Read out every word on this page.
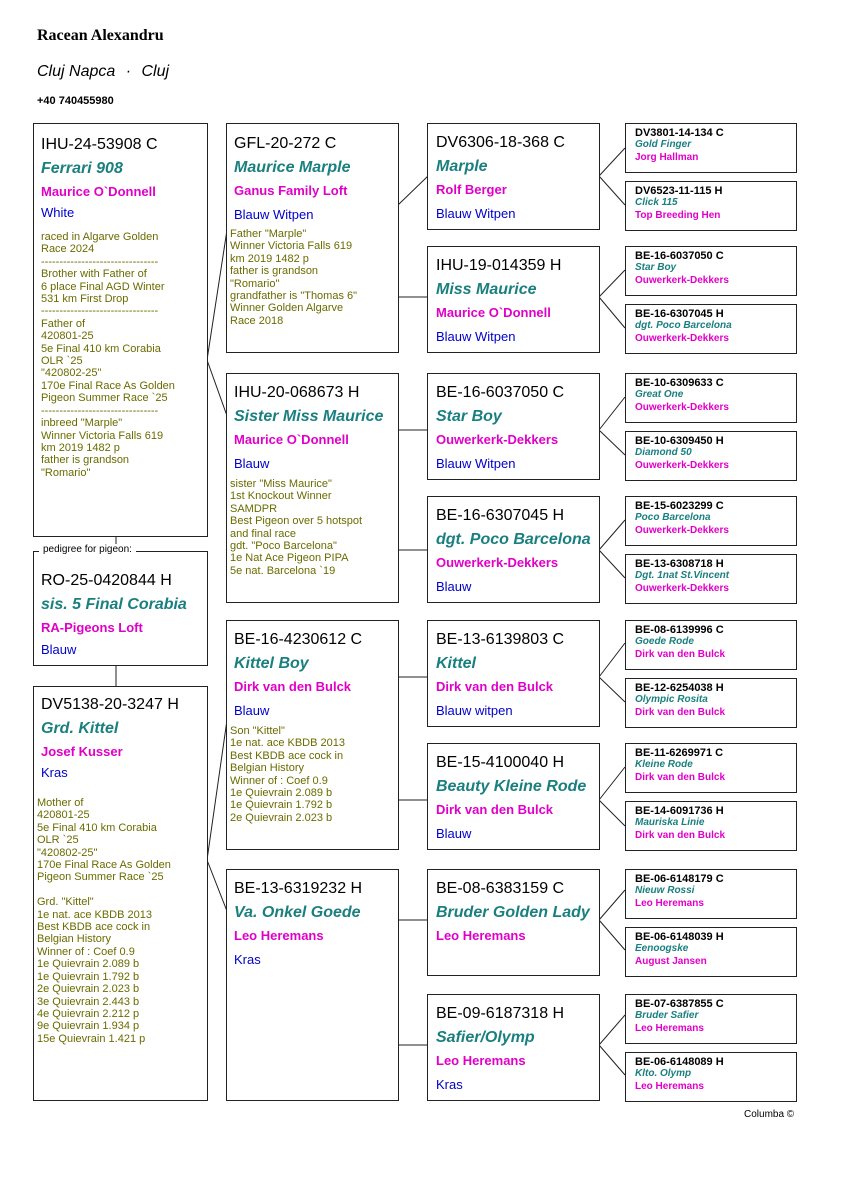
Racean Alexandru
Cluj Napca · Cluj
+40 740455980
IHU-24-53908 C
Ferrari 908
Maurice O`Donnell
White
raced in Algarve Golden
Race 2024
--------------------------------
Brother with Father of
6 place Final AGD Winter
531 km First Drop
--------------------------------
Father of
420801-25
5e Final 410 km Corabia
OLR `25
"420802-25"
170e Final Race As Golden
Pigeon Summer Race `25
--------------------------------
inbreed "Marple"
Winner Victoria Falls 619
km 2019 1482 p
father is grandson
"Romario"
pedigree for pigeon:
RO-25-0420844 H
sis. 5 Final Corabia
RA-Pigeons Loft
Blauw
DV5138-20-3247 H
Grd. Kittel
Josef Kusser
Kras
Mother of
420801-25
5e Final 410 km Corabia
OLR `25
"420802-25"
170e Final Race As Golden
Pigeon Summer Race `25

Grd. "Kittel"
1e nat. ace KBDB 2013
Best KBDB ace cock in
Belgian History
Winner of : Coef 0.9
1e Quievrain 2.089 b
1e Quievrain 1.792 b
2e Quievrain 2.023 b
3e Quievrain 2.443 b
4e Quievrain 2.212 p
9e Quievrain 1.934 p
15e Quievrain 1.421 p
GFL-20-272 C
Maurice Marple
Ganus Family Loft
Blauw Witpen
Father "Marple"
Winner Victoria Falls 619
km 2019 1482 p
father is grandson
"Romario"
grandfather is "Thomas 6"
Winner Golden Algarve
Race 2018
IHU-20-068673 H
Sister Miss Maurice
Maurice O`Donnell
Blauw
sister "Miss Maurice"
1st Knockout Winner
SAMDPR
Best Pigeon over 5 hotspot
and final race
gdt. "Poco Barcelona"
1e Nat Ace Pigeon PIPA
5e nat. Barcelona `19
BE-16-4230612 C
Kittel Boy
Dirk van den Bulck
Blauw
Son "Kittel"
1e nat. ace KBDB 2013
Best KBDB ace cock in
Belgian History
Winner of : Coef 0.9
1e Quievrain 2.089 b
1e Quievrain 1.792 b
2e Quievrain 2.023 b
BE-13-6319232 H
Va. Onkel Goede
Leo Heremans
Kras
DV6306-18-368 C
Marple
Rolf Berger
Blauw Witpen
IHU-19-014359 H
Miss Maurice
Maurice O`Donnell
Blauw Witpen
BE-16-6037050 C
Star Boy
Ouwerkerk-Dekkers
Blauw Witpen
BE-16-6307045 H
dgt. Poco Barcelona
Ouwerkerk-Dekkers
Blauw
BE-13-6139803 C
Kittel
Dirk van den Bulck
Blauw witpen
BE-15-4100040 H
Beauty Kleine Rode
Dirk van den Bulck
Blauw
BE-08-6383159 C
Bruder Golden Lady
Leo Heremans
BE-09-6187318 H
Safier/Olymp
Leo Heremans
Kras
DV3801-14-134 C
Gold Finger
Jorg Hallman
DV6523-11-115 H
Click 115
Top Breeding Hen
BE-16-6037050 C
Star Boy
Ouwerkerk-Dekkers
BE-16-6307045 H
dgt. Poco Barcelona
Ouwerkerk-Dekkers
BE-10-6309633 C
Great One
Ouwerkerk-Dekkers
BE-10-6309450 H
Diamond 50
Ouwerkerk-Dekkers
BE-15-6023299 C
Poco Barcelona
Ouwerkerk-Dekkers
BE-13-6308718 H
Dgt. 1nat St.Vincent
Ouwerkerk-Dekkers
BE-08-6139996 C
Goede Rode
Dirk van den Bulck
BE-12-6254038 H
Olympic Rosita
Dirk van den Bulck
BE-11-6269971 C
Kleine Rode
Dirk van den Bulck
BE-14-6091736 H
Mauriska Linie
Dirk van den Bulck
BE-06-6148179 C
Nieuw Rossi
Leo Heremans
BE-06-6148039 H
Eenoogske
August Jansen
BE-07-6387855 C
Bruder Safier
Leo Heremans
BE-06-6148089 H
Klto. Olymp
Leo Heremans
Columba ©
